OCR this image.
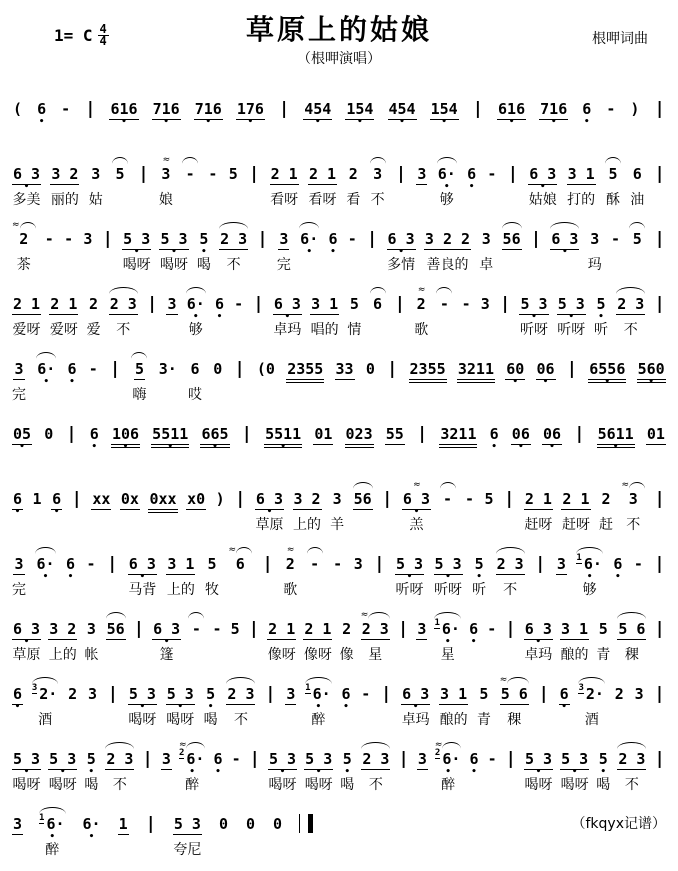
1= C $\frac{4}{4}$	草原上的姑娘
（根呷演唱）
根呷词曲
( 6
•
- | 616
•
716
•
716
•
176
•
| 454
•
154
•
454
•
154
•
| 616
•
716
•
6
•
- ) |
6 3
•
多美
3 2
丽的
3
姑
5 |
≈
3
娘
- - 5 | 2 1
看呀
2 1
看呀
2
看
3
不
| 3 6·
•
够
6
•
- | 6 3
•
姑娘
3 1
打的
5
酥
6
油
|
≈
2
茶
- - 3 | 5 3
•
喝呀
5 3
•
喝呀
5
•
喝
2 3
不
| 3
完
6·
•
6
•
- | 6 3
•
多情
3 2 2
善良的
3
卓
56 | 6 3
•
3
玛
- 5 |
2 1
爱呀
2 1
爱呀
2
爱
2 3
不
| 3 6·
•
够
6
•
- | 6 3
•
卓玛
3 1
唱的
5
情
6 |
≈
2
歌
- - 3 | 5 3
•
听呀
5 3
•
听呀
5
•
听
2 3
不
|
3
完
6·
•
6
•
- | 5
嗨
3· 6
哎
0 | (0 2355 33 0 | 2355 3211 60
•
06
•
| 6556
•
560
•
05
•
0 | 6
•
106
•
5511
•
665
•
| 5511
•
01 023 55 | 3211 6
•
06
•
06
•
| 5611
•
01
6
•
1 6
•
| xx 0x 0xx x0 ) | 6 3
•
草原
3 2
上的
3
羊
56 |
≈
6 3
•
羔
- - 5 | 2 1
赶呀
2 1
赶呀
2
赶
≈
3
不
|
3
完
6·
•
6
•
- | 6 3
•
马背
3 1
上的
5
牧
≈
6 |
≈
2
歌
- - 3 | 5 3
•
听呀
5 3
•
听呀
5
•
听
2 3
不
| 3 1 6·
•
够
6
•
- |
6 3
•
草原
3 2
上的
3
帐
56 | 6 3
•
篷
- - 5 | 2 1
像呀
2 1
像呀
2
像
≈
2 3
星
| 3 1 6·
•
星
6
•
- | 6 3
•
卓玛
3 1
酿的
5
青
5 6
稞
|
6
•
3 2·
酒
2 3 | 5 3
•
喝呀
5 3
•
喝呀
5
•
喝
2 3
不
| 3 1 6·
•
醉
6
•
- | 6 3
•
卓玛
3 1
酿的
5
青
≈
5 6
稞
| 6
•
3 2·
酒
2 3 |
5 3
•
喝呀
5 3
•
喝呀
5
•
喝
2 3
不
| 3
≈
2 6·
•
醉
6
•
- | 5 3
•
喝呀
5 3
•
喝呀
5
•
喝
2 3
不
| 3
≈
2 6·
•
醉
6
•
- | 5 3
•
喝呀
5 3
•
喝呀
5
•
喝
2 3
不
|
3 1 6·
•
醉
6·
•
1 | 5 3
夸尼
0 0 0	（fkqyx记谱）
